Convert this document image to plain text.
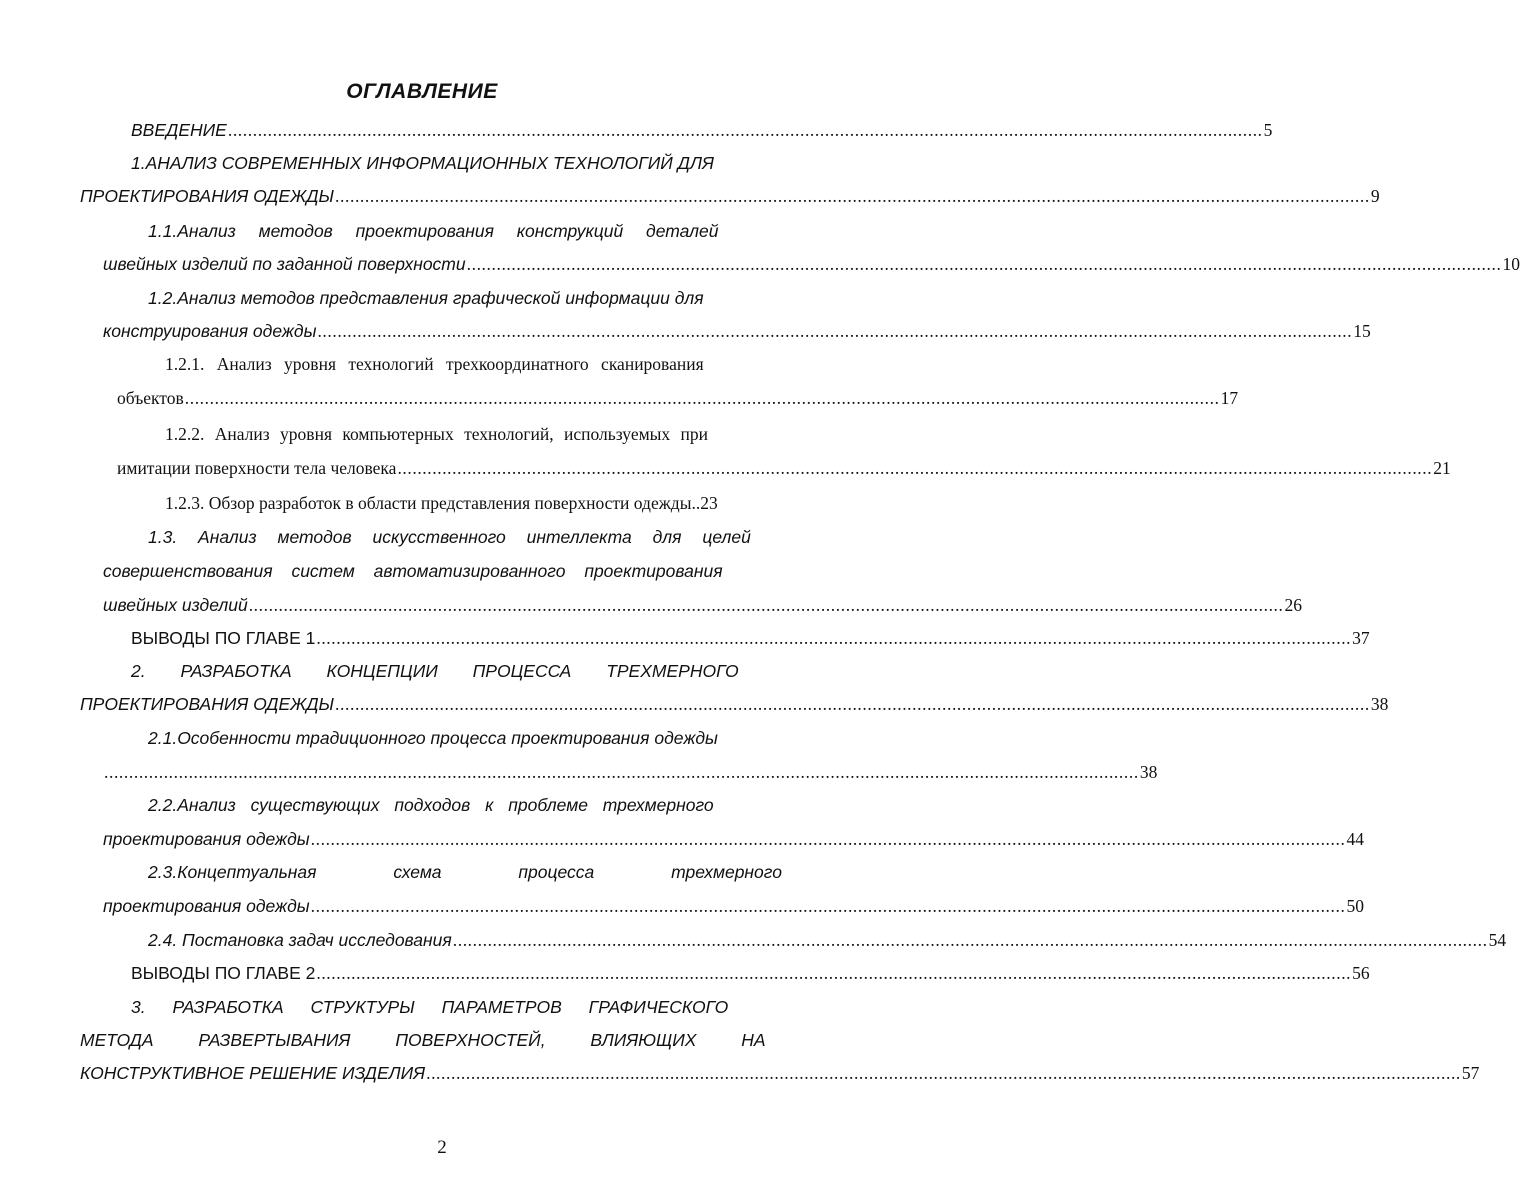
ОГЛАВЛЕНИЕ
ВВЕДЕНИЕ ................................................................................................................................................................................................................ 5
1.АНАЛИЗ СОВРЕМЕННЫХ ИНФОРМАЦИОННЫХ ТЕХНОЛОГИЙ ДЛЯ
ПРОЕКТИРОВАНИЯ ОДЕЖДЫ ................................................................................................................................................................................................................ 9
1.1.Анализ методов проектирования конструкций деталей
швейных изделий по заданной поверхности ................................................................................................................................................................................................................ 10
1.2.Анализ методов представления графической информации для
конструирования одежды ................................................................................................................................................................................................................ 15
1.2.1. Анализ уровня технологий трехкоординатного сканирования
объектов ................................................................................................................................................................................................................ 17
1.2.2. Анализ уровня компьютерных технологий, используемых при
имитации поверхности тела человека ................................................................................................................................................................................................................ 21
1.2.3. Обзор разработок в области представления поверхности одежды .. 23
1.3. Анализ методов искусственного интеллекта для целей
совершенствования систем автоматизированного проектирования
швейных изделий ................................................................................................................................................................................................................ 26
ВЫВОДЫ ПО ГЛАВЕ 1 ................................................................................................................................................................................................................ 37
2. РАЗРАБОТКА КОНЦЕПЦИИ ПРОЦЕССА ТРЕХМЕРНОГО
ПРОЕКТИРОВАНИЯ ОДЕЖДЫ ................................................................................................................................................................................................................ 38
2.1.Особенности традиционного процесса проектирования одежды
................................................................................................................................................................................................................ 38
2.2.Анализ существующих подходов к проблеме трехмерного
проектирования одежды ................................................................................................................................................................................................................ 44
2.3.Концептуальная схема процесса трехмерного
проектирования одежды ................................................................................................................................................................................................................ 50
2.4. Постановка задач исследования ................................................................................................................................................................................................................ 54
ВЫВОДЫ ПО ГЛАВЕ 2 ................................................................................................................................................................................................................ 56
3. РАЗРАБОТКА СТРУКТУРЫ ПАРАМЕТРОВ ГРАФИЧЕСКОГО
МЕТОДА РАЗВЕРТЫВАНИЯ ПОВЕРХНОСТЕЙ, ВЛИЯЮЩИХ НА
КОНСТРУКТИВНОЕ РЕШЕНИЕ ИЗДЕЛИЯ ................................................................................................................................................................................................................ 57
2
